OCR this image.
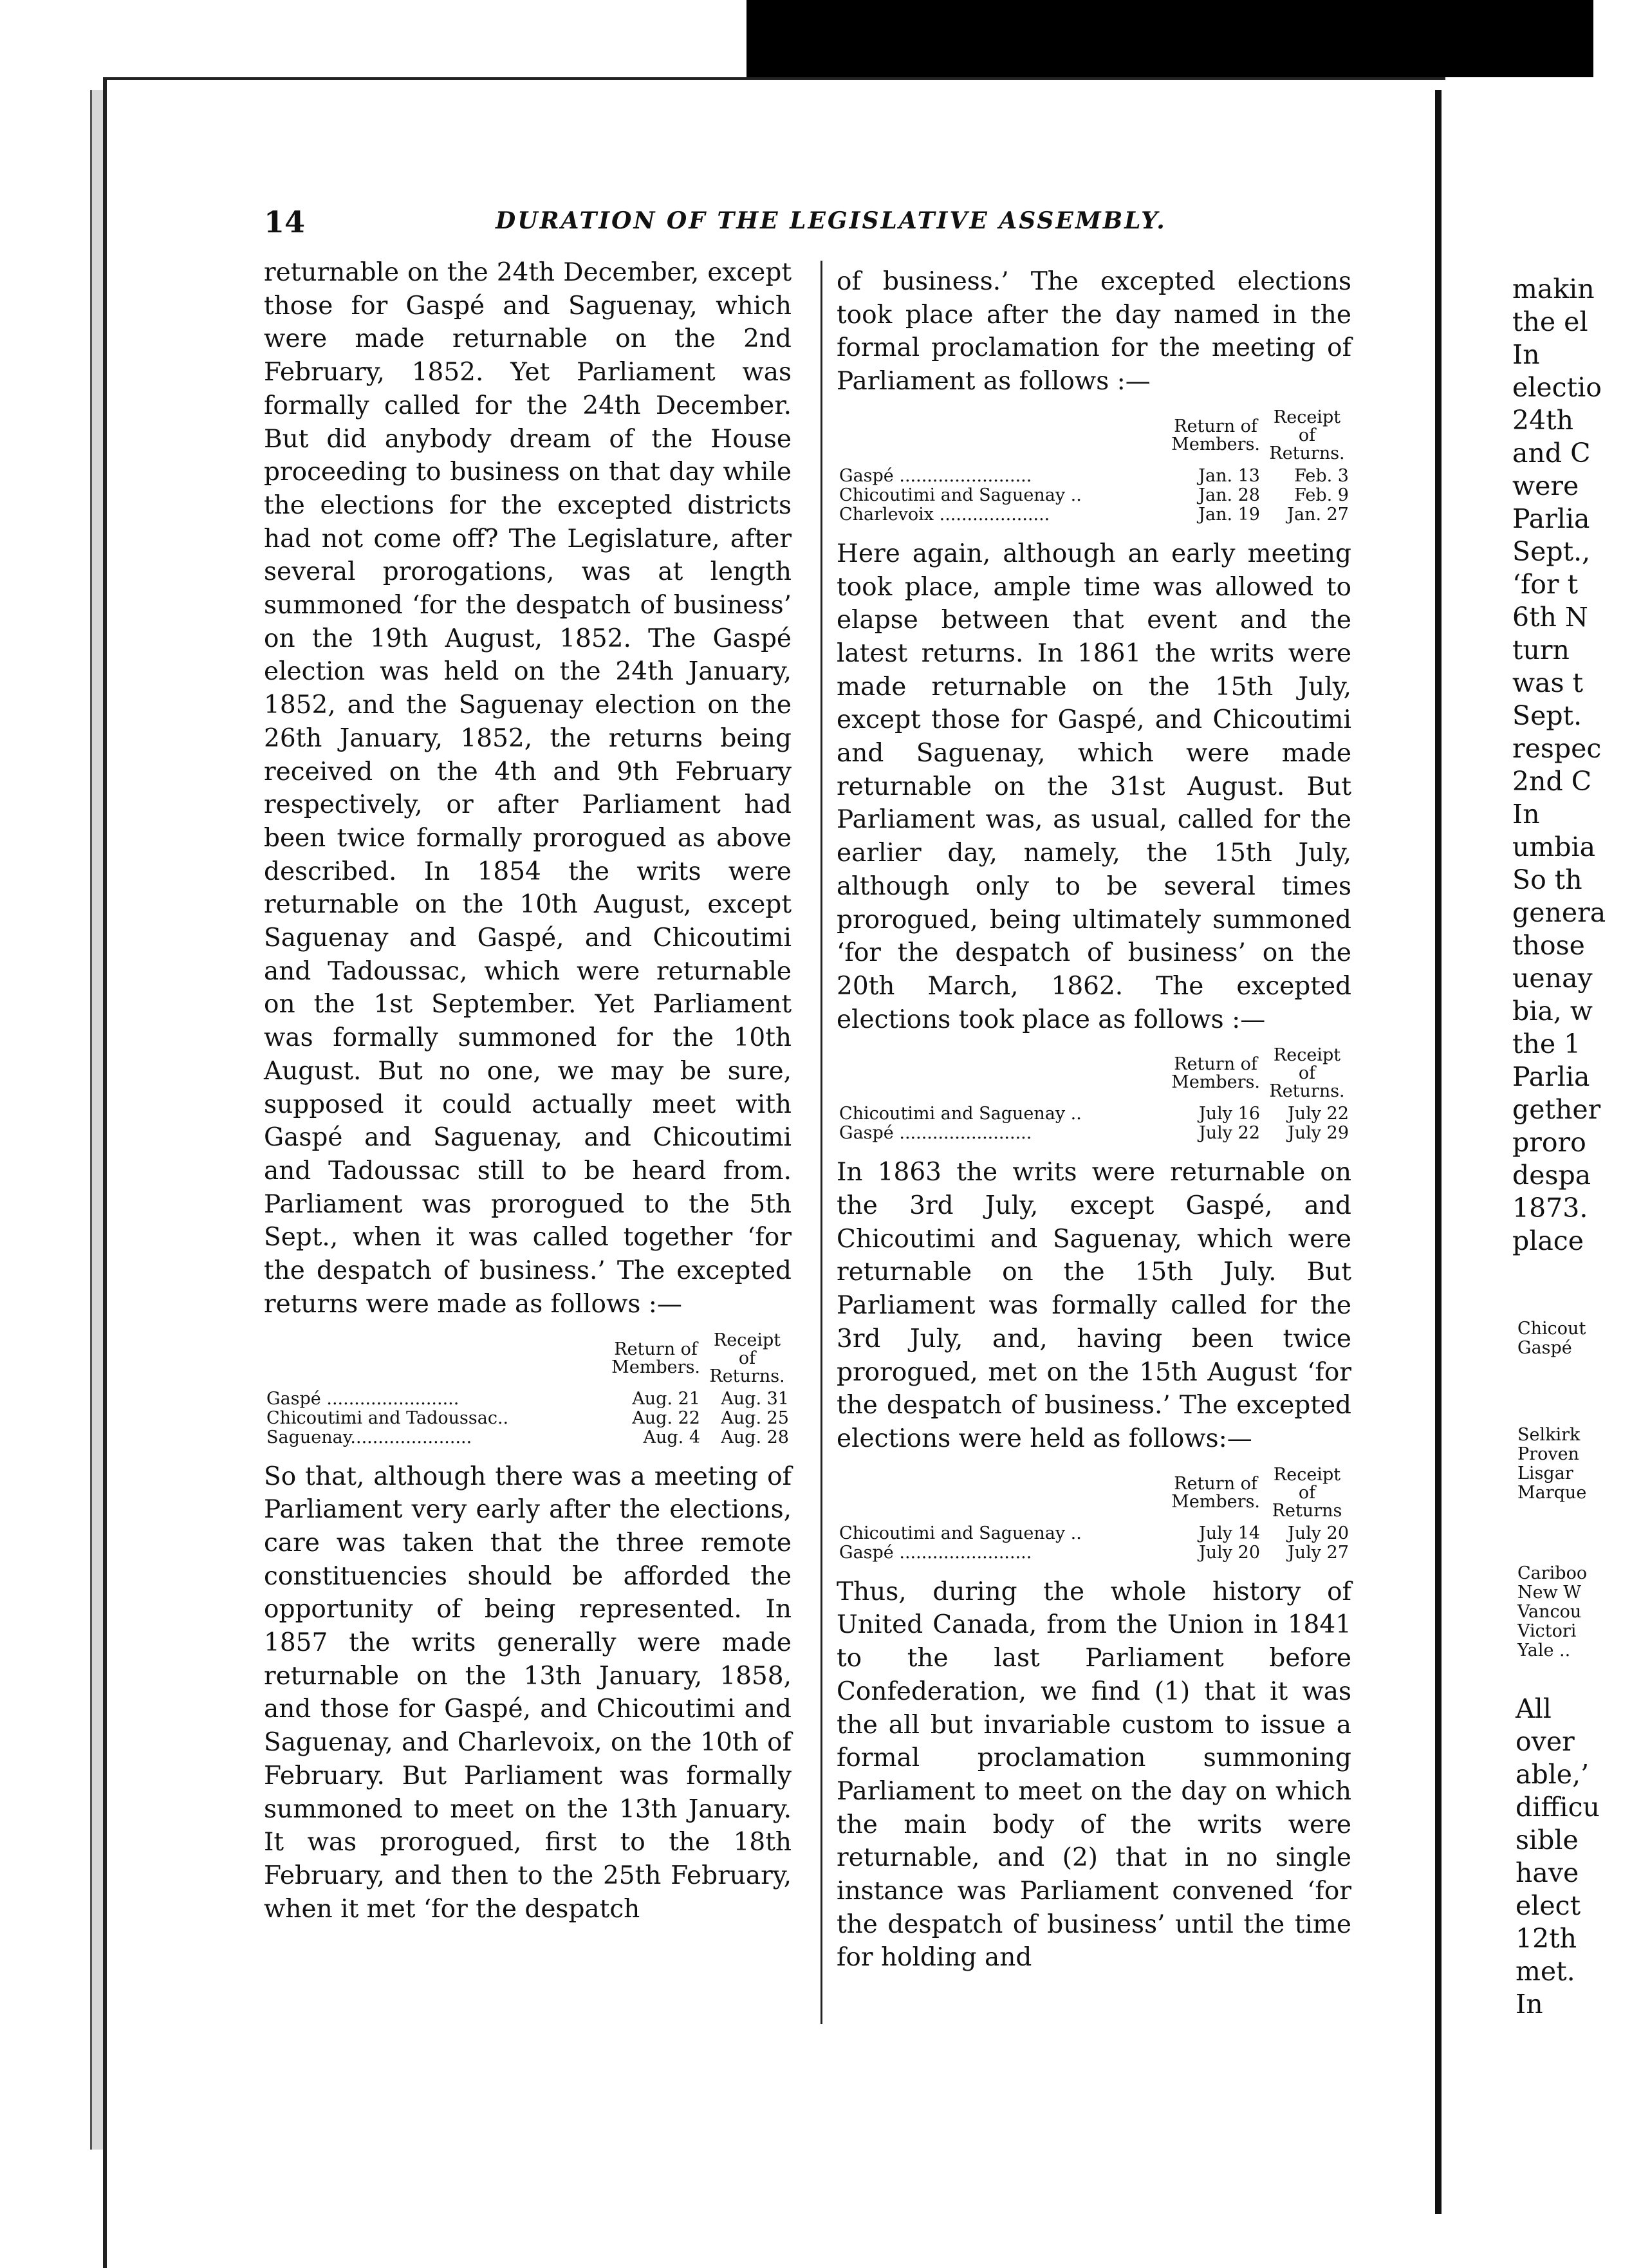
14	DURATION OF THE LEGISLATIVE ASSEMBLY.

returnable on the 24th December, except those for Gaspé and Saguenay, which were made returnable on the 2nd February, 1852. Yet Parliament was formally called for the 24th December. But did anybody dream of the House proceeding to business on that day while the elections for the excepted districts had not come off? The Legislature, after several prorogations, was at length summoned ‘for the despatch of business’ on the 19th August, 1852. The Gaspé election was held on the 24th January, 1852, and the Saguenay election on the 26th January, 1852, the returns being received on the 4th and 9th February respectively, or after Parliament had been twice formally prorogued as above described. In 1854 the writs were returnable on the 10th August, except Saguenay and Gaspé, and Chicoutimi and Tadoussac, which were returnable on the 1st September. Yet Parliament was formally summoned for the 10th August. But no one, we may be sure, supposed it could actually meet with Gaspé and Saguenay, and Chicoutimi and Tadoussac still to be heard from. Parliament was prorogued to the 5th Sept., when it was called together ‘for the despatch of business.’ The excepted returns were made as follows :—

	Return of Members.	Receipt of Returns.
Gaspé ........................	Aug. 21	Aug. 31
Chicoutimi and Tadoussac..	Aug. 22	Aug. 25
Saguenay......................	Aug. 4	Aug. 28

So that, although there was a meeting of Parliament very early after the elections, care was taken that the three remote constituencies should be afforded the opportunity of being represented. In 1857 the writs generally were made returnable on the 13th January, 1858, and those for Gaspé, and Chicoutimi and Saguenay, and Charlevoix, on the 10th of February. But Parliament was formally summoned to meet on the 13th January. It was prorogued, first to the 18th February, and then to the 25th February, when it met ‘for the despatch

of business.’ The excepted elections took place after the day named in the formal proclamation for the meeting of Parliament as follows :—

	Return of Members.	Receipt of Returns.
Gaspé ........................	Jan. 13	Feb. 3
Chicoutimi and Saguenay ..	Jan. 28	Feb. 9
Charlevoix ....................	Jan. 19	Jan. 27

Here again, although an early meeting took place, ample time was allowed to elapse between that event and the latest returns. In 1861 the writs were made returnable on the 15th July, except those for Gaspé, and Chicoutimi and Saguenay, which were made returnable on the 31st August. But Parliament was, as usual, called for the earlier day, namely, the 15th July, although only to be several times prorogued, being ultimately summoned ‘for the despatch of business’ on the 20th March, 1862. The excepted elections took place as follows :—

	Return of Members.	Receipt of Returns.
Chicoutimi and Saguenay ..	July 16	July 22
Gaspé ........................	July 22	July 29

In 1863 the writs were returnable on the 3rd July, except Gaspé, and Chicoutimi and Saguenay, which were returnable on the 15th July. But Parliament was formally called for the 3rd July, and, having been twice prorogued, met on the 15th August ‘for the despatch of business.’ The excepted elections were held as follows:—

	Return of Members.	Receipt of Returns
Chicoutimi and Saguenay ..	July 14	July 20
Gaspé ........................	July 20	July 27

Thus, during the whole history of United Canada, from the Union in 1841 to the last Parliament before Confederation, we find (1) that it was the all but invariable custom to issue a formal proclamation summoning Parliament to meet on the day on which the main body of the writs were returnable, and (2) that in no single instance was Parliament convened ‘for the despatch of business’ until the time for holding and

makin
the el
In
electio
24th
and C
were
Parlia
Sept.,
‘for t
6th N
turn
was t
Sept.
respec
2nd C
In
umbia
So th
genera
those
uenay
bia, w
the 1
Parlia
gether
proro
despa
1873.
place
Chicout
Gaspé
Selkirk
Proven
Lisgar
Marque
Cariboo
New W
Vancou
Victori
Yale ..
All
over
able,’
difficu
sible
have
elect
12th
met.
In
